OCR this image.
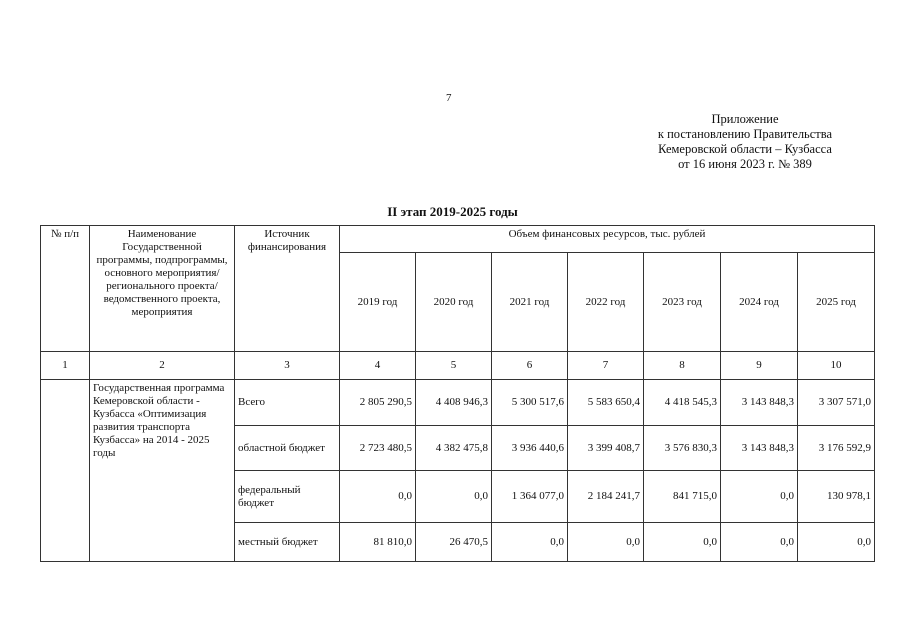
7
Приложение
к постановлению Правительства
Кемеровской области – Кузбасса
от 16 июня 2023 г. № 389
II этап 2019-2025 годы
№ п/п	Наименование Государственной программы, подпрограммы, основного мероприятия/ регионального проекта/ведомственного проекта, мероприятия	Источник финансирования	Объем финансовых ресурсов, тыс. рублей						
			2019 год	2020 год	2021 год	2022 год	2023 год	2024 год	2025 год
1	2	3	4	5	6	7	8	9	10
	Государственная программа Кемеровской области - Кузбасса «Оптимизация развития транспорта Кузбасса» на 2014 - 2025 годы	Всего	2 805 290,5	4 408 946,3	5 300 517,6	5 583 650,4	4 418 545,3	3 143 848,3	3 307 571,0
		областной бюджет	2 723 480,5	4 382 475,8	3 936 440,6	3 399 408,7	3 576 830,3	3 143 848,3	3 176 592,9
		федеральный бюджет	0,0	0,0	1 364 077,0	2 184 241,7	841 715,0	0,0	130 978,1
		местный бюджет	81 810,0	26 470,5	0,0	0,0	0,0	0,0	0,0
